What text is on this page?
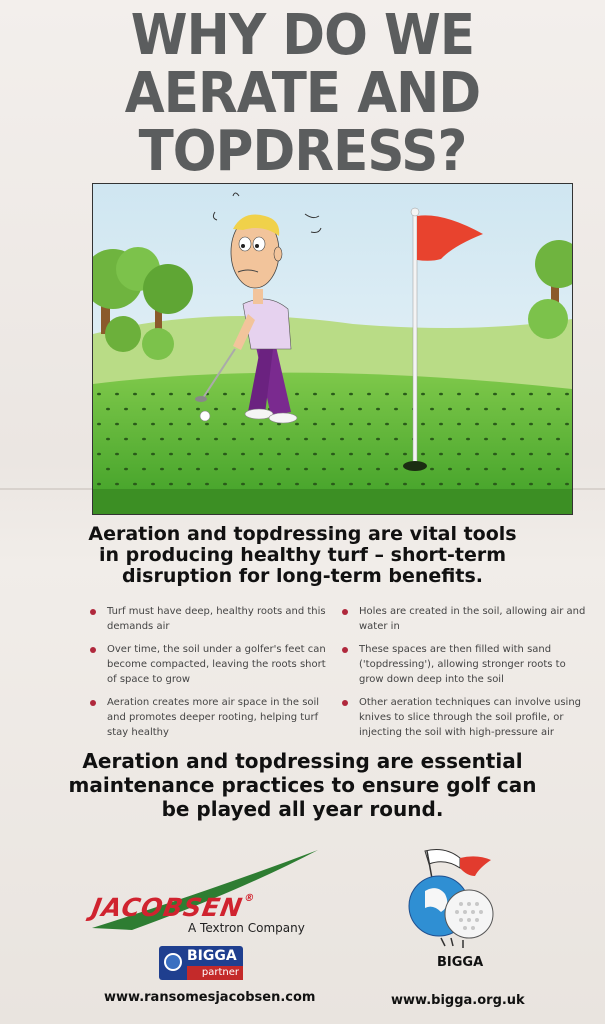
WHY DO WE
AERATE AND
TOPDRESS?
Aeration and topdressing are vital tools
in producing healthy turf – short-term
disruption for long-term benefits.
Turf must have deep, healthy roots and this demands air
Over time, the soil under a golfer's feet can become compacted, leaving the roots short of space to grow
Aeration creates more air space in the soil and promotes deeper rooting, helping turf stay healthy
Holes are created in the soil, allowing air and water in
These spaces are then filled with sand ('topdressing'), allowing stronger roots to grow down deep into the soil
Other aeration techniques can involve using knives to slice through the soil profile, or injecting the soil with high-pressure air
Aeration and topdressing are essential
maintenance practices to ensure golf can
be played all year round.
JACOBSEN®
A Textron Company
BIGGA
partner
www.ransomesjacobsen.com
BIGGA
www.bigga.org.uk
